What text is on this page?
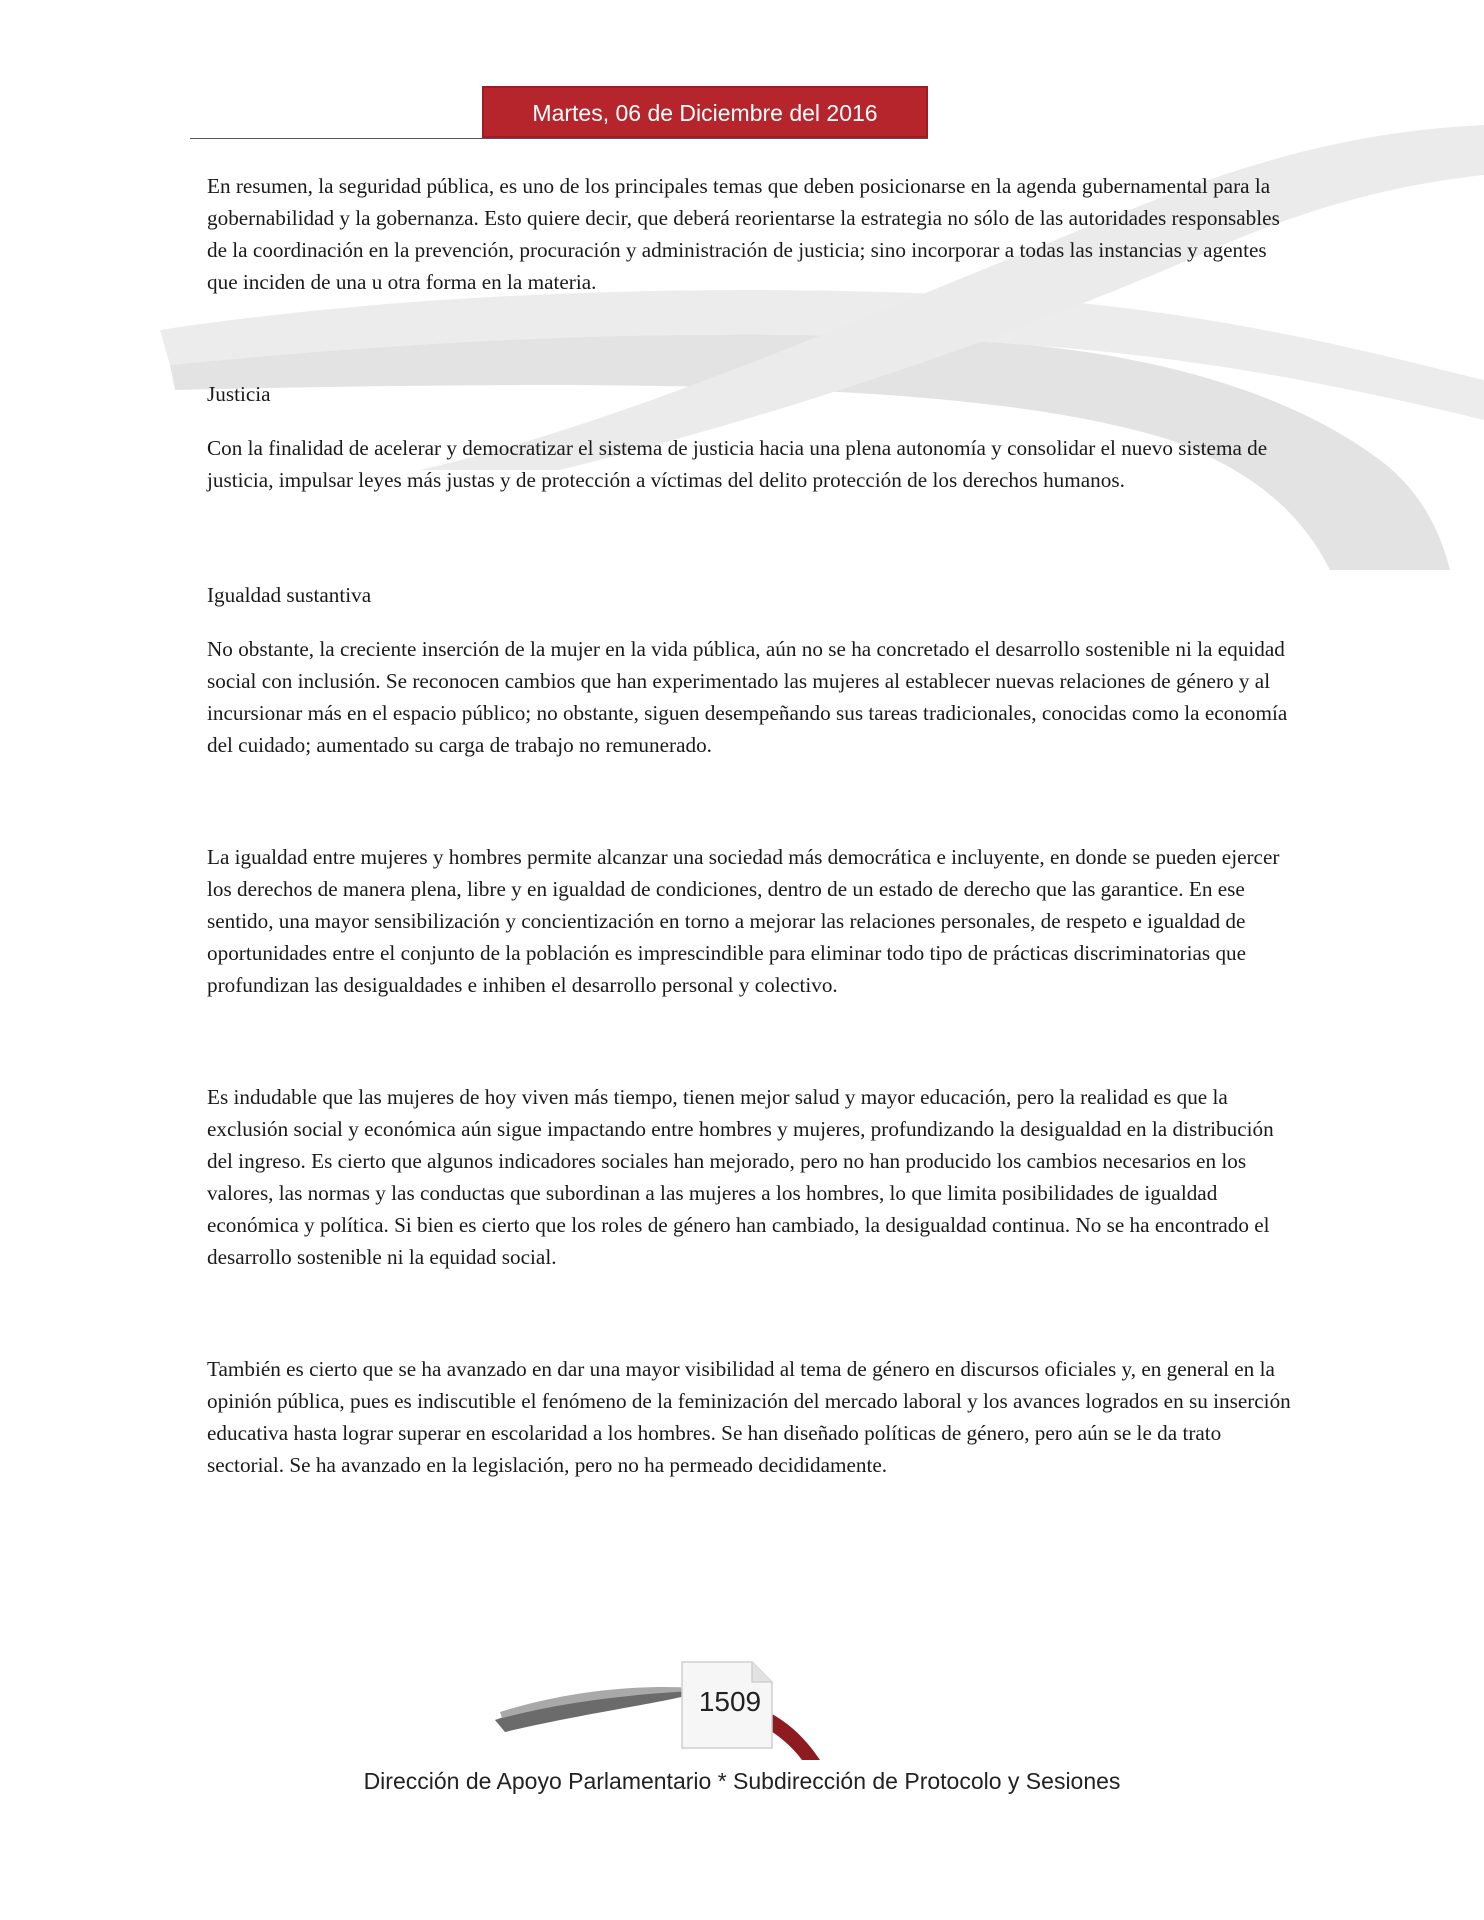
Martes, 06 de Diciembre del 2016

En resumen, la seguridad pública, es uno de los principales temas que deben posicionarse en la agenda gubernamental para la gobernabilidad y la gobernanza. Esto quiere decir, que deberá reorientarse la estrategia no sólo de las autoridades responsables de la coordinación en la prevención, procuración y administración de justicia; sino incorporar a todas las instancias y agentes que inciden de una u otra forma en la materia.

Justicia

Con la finalidad de acelerar y democratizar el sistema de justicia hacia una plena autonomía y consolidar el nuevo sistema de justicia, impulsar leyes más justas y de protección a víctimas del delito protección de los derechos humanos.

Igualdad sustantiva

No obstante, la creciente inserción de la mujer en la vida pública, aún no se ha concretado el desarrollo sostenible ni la equidad social con inclusión. Se reconocen cambios que han experimentado las mujeres al establecer nuevas relaciones de género y al incursionar más en el espacio público; no obstante, siguen desempeñando sus tareas tradicionales, conocidas como la economía del cuidado; aumentado su carga de trabajo no remunerado.

La igualdad entre mujeres y hombres permite alcanzar una sociedad más democrática e incluyente, en donde se pueden ejercer los derechos de manera plena, libre y en igualdad de condiciones, dentro de un estado de derecho que las garantice. En ese sentido, una mayor sensibilización y concientización en torno a mejorar las relaciones personales, de respeto e igualdad de oportunidades entre el conjunto de la población es imprescindible para eliminar todo tipo de prácticas discriminatorias que profundizan las desigualdades e inhiben el desarrollo personal y colectivo.

Es indudable que las mujeres de hoy viven más tiempo, tienen mejor salud y mayor educación, pero la realidad es que la exclusión social y económica aún sigue impactando entre hombres y mujeres, profundizando la desigualdad en la distribución del ingreso. Es cierto que algunos indicadores sociales han mejorado, pero no han producido los cambios necesarios en los valores, las normas y las conductas que subordinan a las mujeres a los hombres, lo que limita posibilidades de igualdad económica y política. Si bien es cierto que los roles de género han cambiado, la desigualdad continua. No se ha encontrado el desarrollo sostenible ni la equidad social.

También es cierto que se ha avanzado en dar una mayor visibilidad al tema de género en discursos oficiales y, en general en la opinión pública, pues es indiscutible el fenómeno de la feminización del mercado laboral y los avances logrados en su inserción educativa hasta lograr superar en escolaridad a los hombres. Se han diseñado políticas de género, pero aún se le da trato sectorial. Se ha avanzado en la legislación, pero no ha permeado decididamente.

1509
Dirección de Apoyo Parlamentario * Subdirección de Protocolo y Sesiones
